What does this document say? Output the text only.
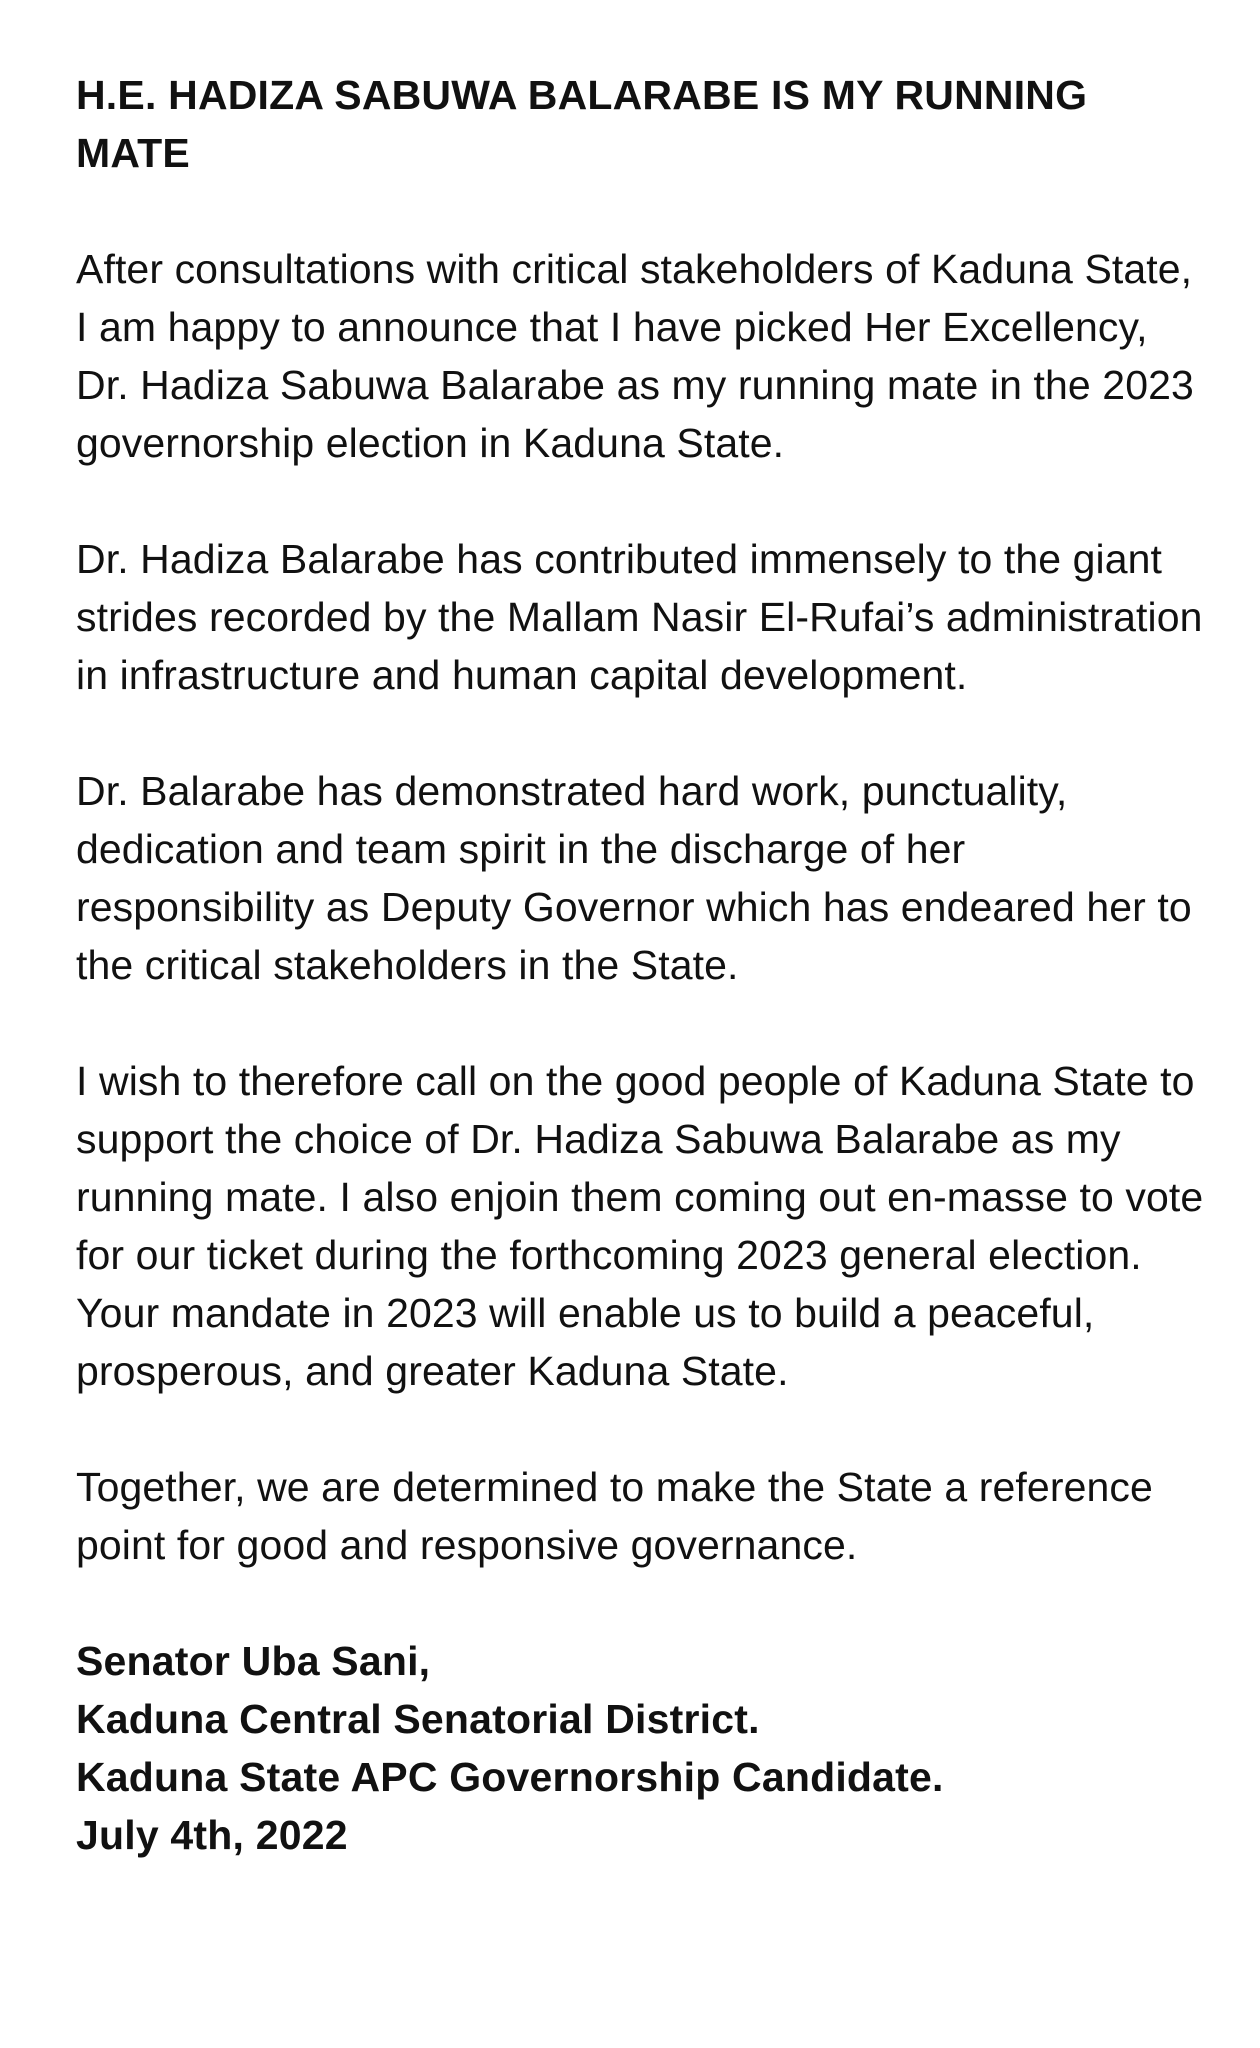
H.E. HADIZA SABUWA BALARABE IS MY RUNNING MATE

After consultations with critical stakeholders of Kaduna State, I am happy to announce that I have picked Her Excellency, Dr. Hadiza Sabuwa Balarabe as my running mate in the 2023 governorship election in Kaduna State.

Dr. Hadiza Balarabe has contributed immensely to the giant strides recorded by the Mallam Nasir El-Rufai’s administration in infrastructure and human capital development.

Dr. Balarabe has demonstrated hard work, punctuality, dedication and team spirit in the discharge of her responsibility as Deputy Governor which has endeared her to the critical stakeholders in the State.

I wish to therefore call on the good people of Kaduna State to support the choice of Dr. Hadiza Sabuwa Balarabe as my running mate. I also enjoin them coming out en-masse to vote for our ticket during the forthcoming 2023 general election. Your mandate in 2023 will enable us to build a peaceful, prosperous, and greater Kaduna State.

Together, we are determined to make the State a reference point for good and responsive governance.

Senator Uba Sani,
Kaduna Central Senatorial District.
Kaduna State APC Governorship Candidate.
July 4th, 2022
